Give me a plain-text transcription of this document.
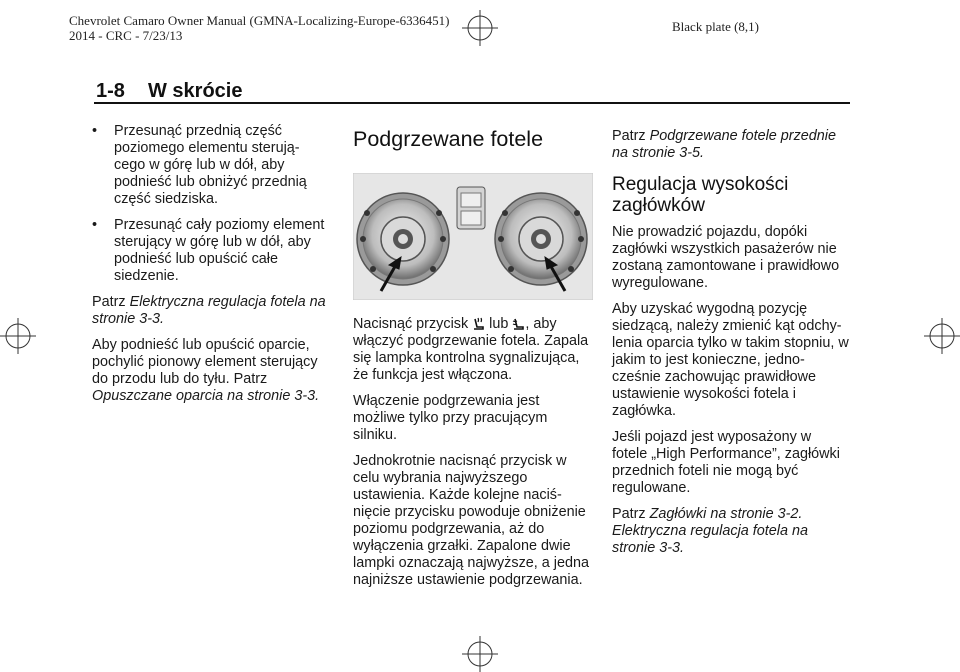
Chevrolet Camaro Owner Manual (GMNA-Localizing-Europe-6336451)
2014 - CRC - 7/23/13
Black plate (8,1)
1-8 W skrócie

• Przesunąć przednią część poziomego elementu sterują-cego w górę lub w dół, aby podnieść lub obniżyć przednią część siedziska.

• Przesunąć cały poziomy element sterujący w górę lub w dół, aby podnieść lub opuścić całe siedzenie.

Patrz Elektryczna regulacja fotela na stronie 3-3.

Aby podnieść lub opuścić oparcie, pochylić pionowy element sterujący do przodu lub do tyłu. Patrz Opuszczane oparcia na stronie 3-3.

Podgrzewane fotele

Nacisnąć przycisk  lub , aby włączyć podgrzewanie fotela. Zapala się lampka kontrolna sygnalizująca, że funkcja jest włączona.

Włączenie podgrzewania jest możliwe tylko przy pracującym silniku.

Jednokrotnie nacisnąć przycisk w celu wybrania najwyższego ustawienia. Każde kolejne naciś-nięcie przycisku powoduje obniżenie poziomu podgrzewania, aż do wyłączenia grzałki. Zapalone dwie lampki oznaczają najwyższe, a jedna najniższe ustawienie podgrzewania.

Patrz Podgrzewane fotele przednie na stronie 3-5.

Regulacja wysokości zagłówków

Nie prowadzić pojazdu, dopóki zagłówki wszystkich pasażerów nie zostaną zamontowane i prawidłowo wyregulowane.

Aby uzyskać wygodną pozycję siedzącą, należy zmienić kąt odchy-lenia oparcia tylko w takim stopniu, w jakim to jest konieczne, jedno-cześnie zachowując prawidłowe ustawienie wysokości fotela i zagłówka.

Jeśli pojazd jest wyposażony w fotele „High Performance”, zagłówki przednich foteli nie mogą być regulowane.

Patrz Zagłówki na stronie 3-2. Elektryczna regulacja fotela na stronie 3-3.
